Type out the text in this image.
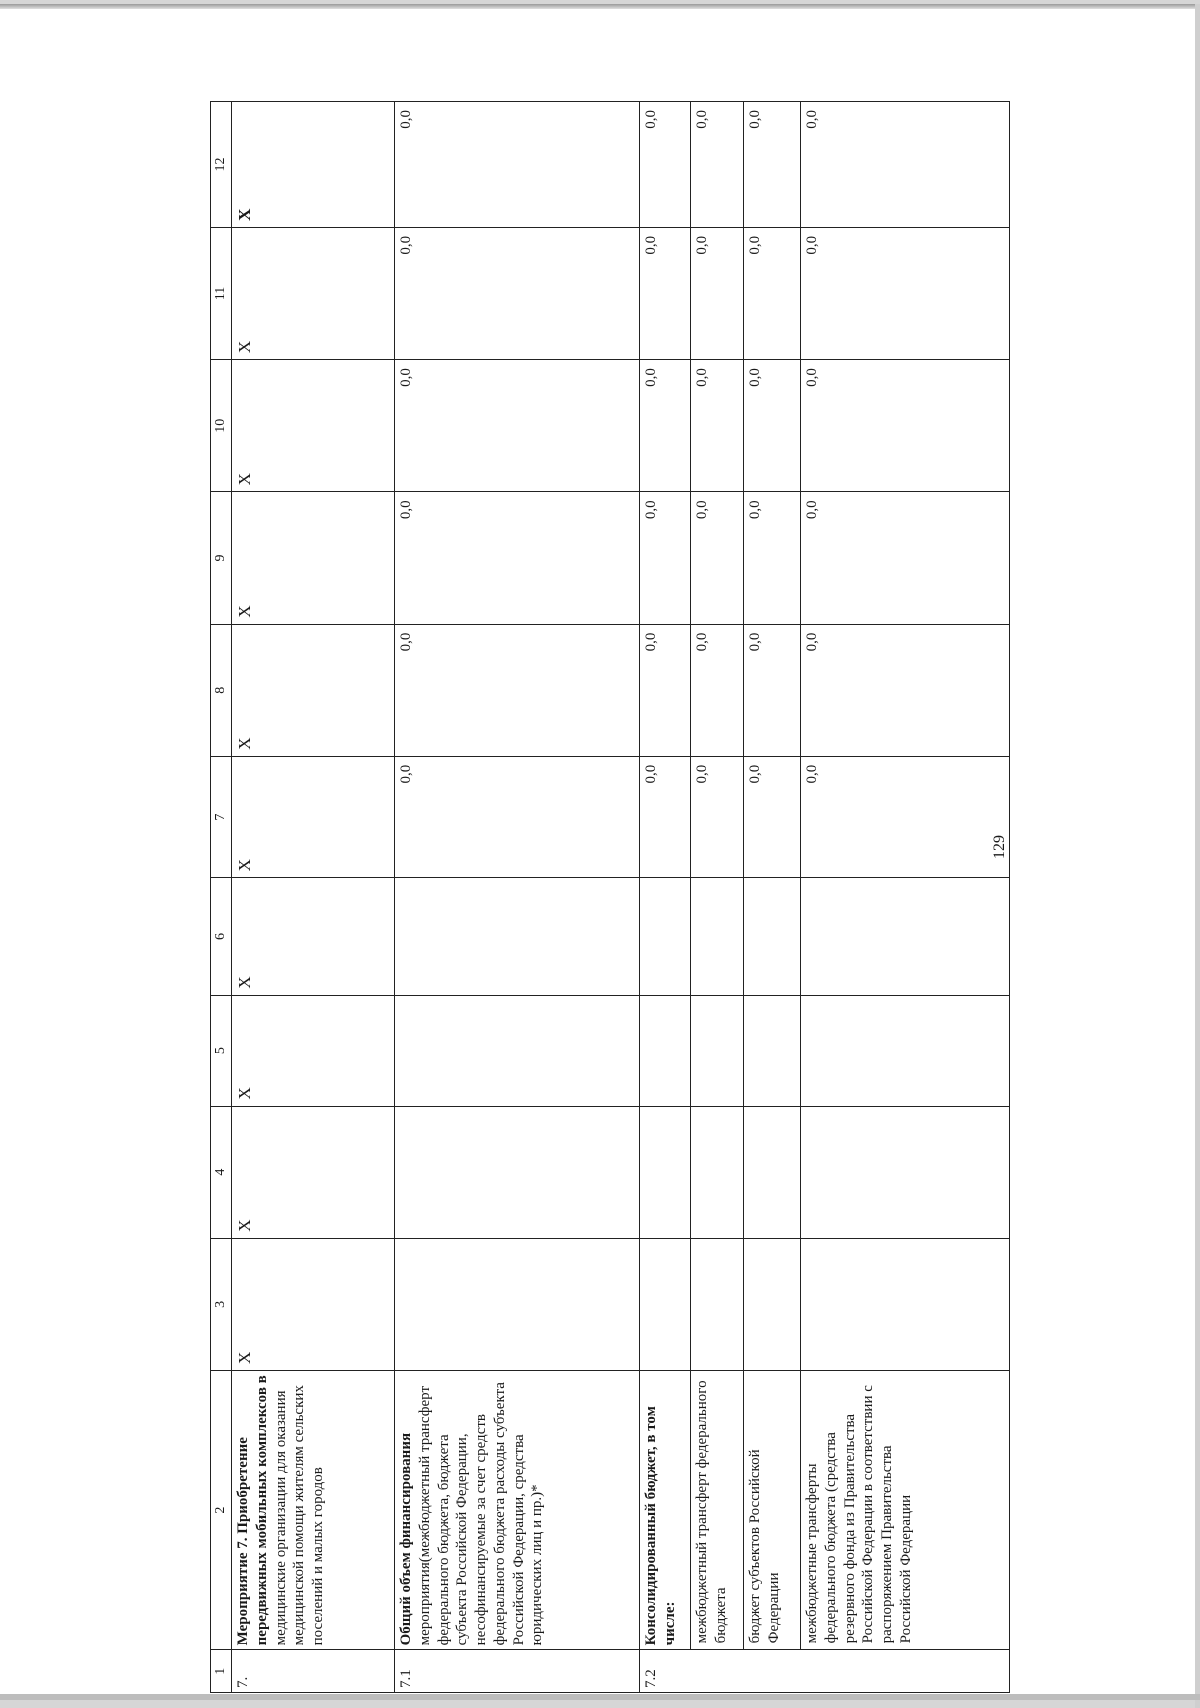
129
1	2	3	4	5	6	7	8	9	10	11	12
7.	Мероприятие 7. Приобретение передвижных мобильных комплексов в медицинские организации для оказания медицинской помощи жителям сельских поселений и малых городов	X	X	X	X	X	X	X	X	X	X
7.1	Общий объем финансирования мероприятия(межбюджетный трансферт федерального бюджета, бюджета субъекта Российской Федерации, несофинансируемые за счет средств федерального бюджета расходы субъекта Российской Федерации, средства юридических лиц и пр.)*					0,0	0,0	0,0	0,0	0,0	0,0
7.2	Консолидированный бюджет, в том числе:					0,0	0,0	0,0	0,0	0,0	0,0
	межбюджетный трансферт федерального бюджета					0,0	0,0	0,0	0,0	0,0	0,0
	бюджет субъектов Российской Федерации					0,0	0,0	0,0	0,0	0,0	0,0
	межбюджетные трансферты федерального бюджета (средства резервного фонда из Правительства Российской Федерации в соответствии с распоряжением Правительства Российской Федерации					0,0	0,0	0,0	0,0	0,0	0,0
